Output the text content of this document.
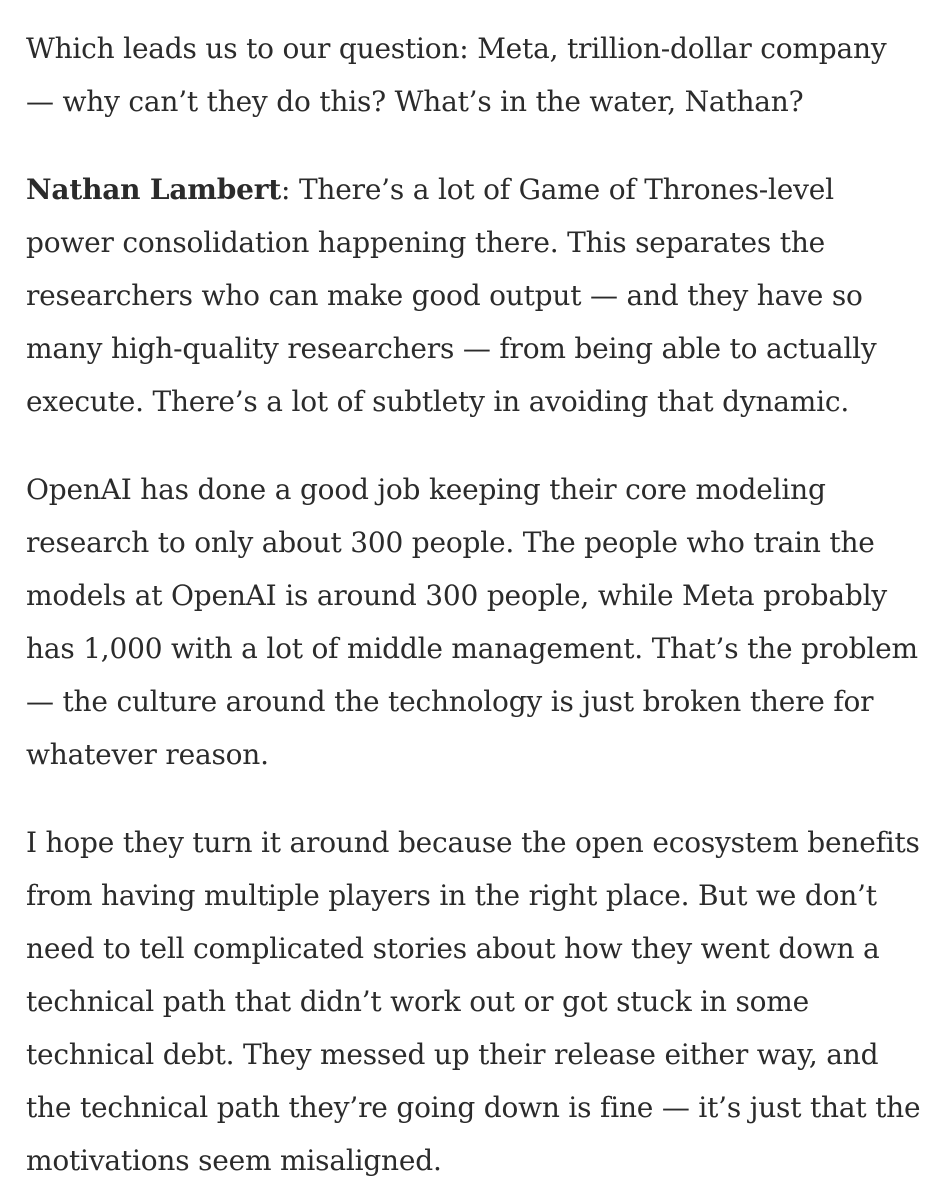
Which leads us to our question: Meta, trillion-dollar company — why can’t they do this? What’s in the water, Nathan?

Nathan Lambert: There’s a lot of Game of Thrones-level power consolidation happening there. This separates the researchers who can make good output — and they have so many high-quality researchers — from being able to actually execute. There’s a lot of subtlety in avoiding that dynamic.

OpenAI has done a good job keeping their core modeling research to only about 300 people. The people who train the models at OpenAI is around 300 people, while Meta probably has 1,000 with a lot of middle management. That’s the problem — the culture around the technology is just broken there for whatever reason.

I hope they turn it around because the open ecosystem benefits from having multiple players in the right place. But we don’t need to tell complicated stories about how they went down a technical path that didn’t work out or got stuck in some technical debt. They messed up their release either way, and the technical path they’re going down is fine — it’s just that the motivations seem misaligned.
